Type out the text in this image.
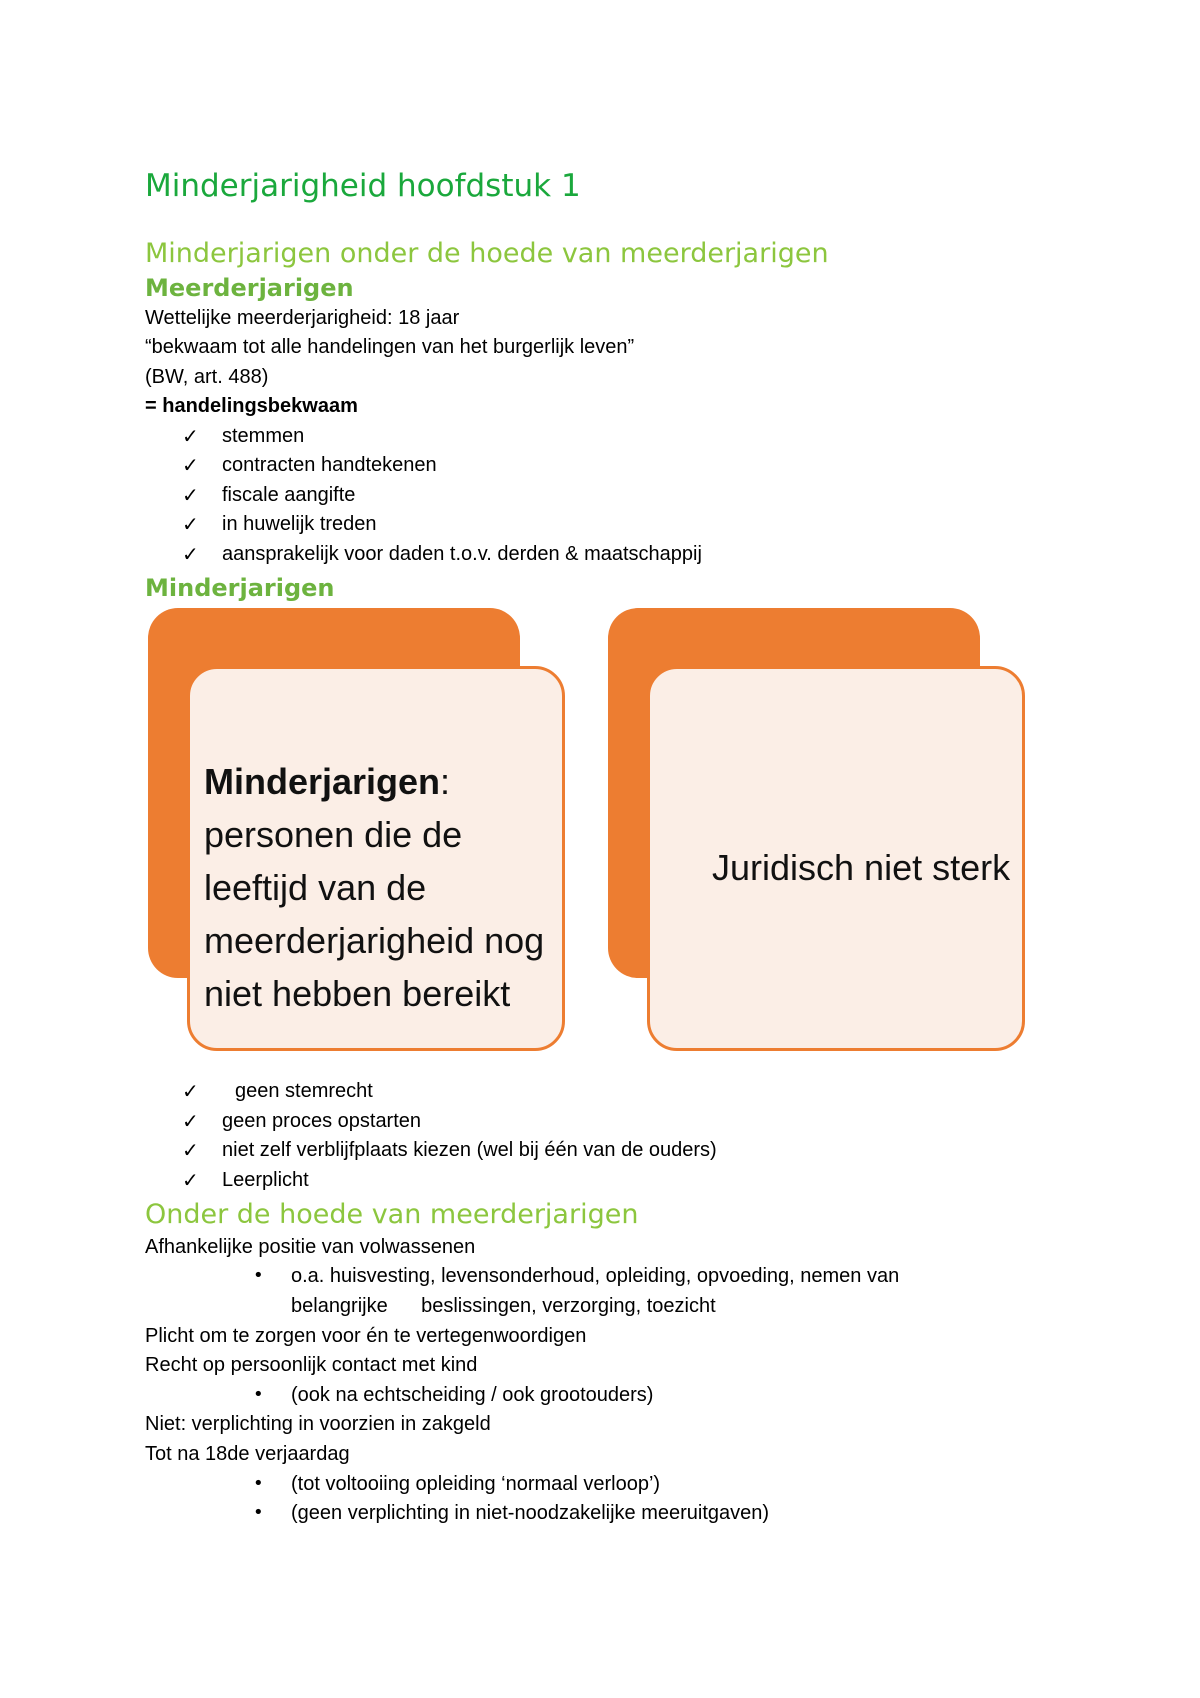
Minderjarigheid hoofdstuk 1
Minderjarigen onder de hoede van meerderjarigen
Meerderjarigen
Wettelijke meerderjarigheid: 18 jaar
“bekwaam tot alle handelingen van het burgerlijk leven”
(BW, art. 488)
= handelingsbekwaam
✓ stemmen
✓ contracten handtekenen
✓ fiscale aangifte
✓ in huwelijk treden
✓ aansprakelijk voor daden t.o.v. derden & maatschappij
Minderjarigen
Minderjarigen: personen die de leeftijd van de meerderjarigheid nog niet hebben bereikt
Juridisch niet sterk
✓ geen stemrecht
✓ geen proces opstarten
✓ niet zelf verblijfplaats kiezen (wel bij één van de ouders)
✓ Leerplicht
Onder de hoede van meerderjarigen
Afhankelijke positie van volwassenen
• o.a. huisvesting, levensonderhoud, opleiding, opvoeding, nemen van
belangrijke      beslissingen, verzorging, toezicht
Plicht om te zorgen voor én te vertegenwoordigen
Recht op persoonlijk contact met kind
• (ook na echtscheiding / ook grootouders)
Niet: verplichting in voorzien in zakgeld
Tot na 18de verjaardag
• (tot voltooiing opleiding ‘normaal verloop’)
• (geen verplichting in niet-noodzakelijke meeruitgaven)
